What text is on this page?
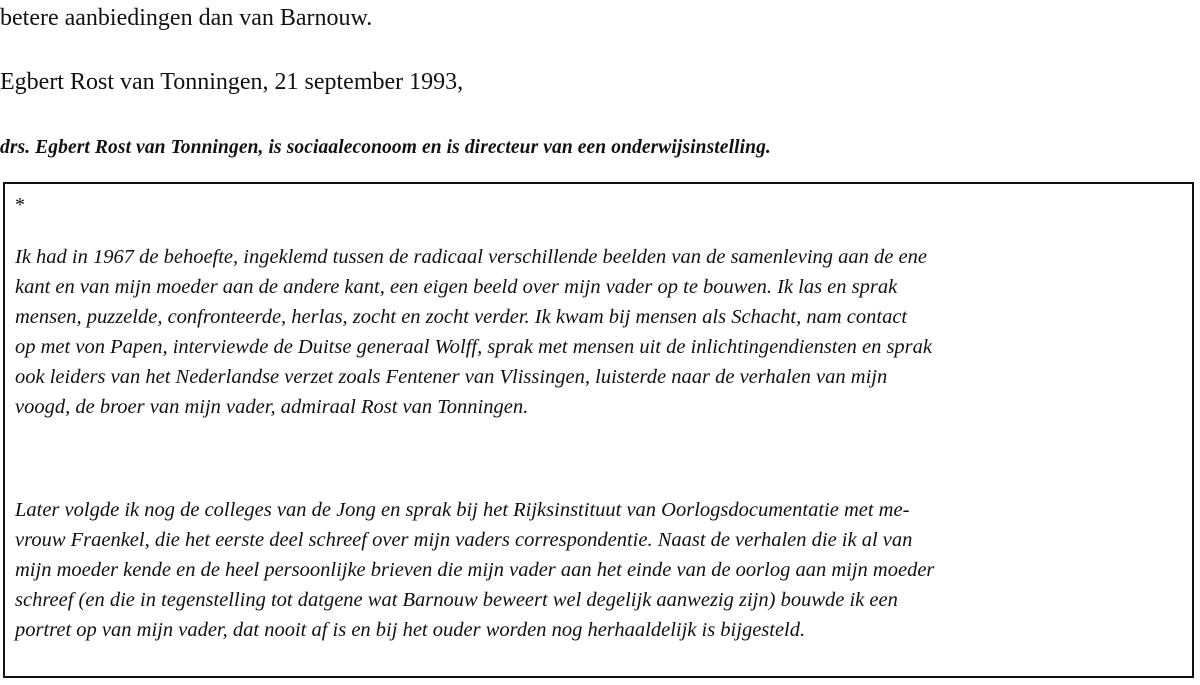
betere aanbiedingen dan van Barnouw.
Egbert Rost van Tonningen, 21 september 1993,
drs. Egbert Rost van Tonningen, is sociaaleconoom en is directeur van een onderwijsinstelling.
*
Ik had in 1967 de behoefte, ingeklemd tussen de radicaal verschillende beelden van de samenleving aan de ene
kant en van mijn moeder aan de andere kant, een eigen beeld over mijn vader op te bouwen. Ik las en sprak
mensen, puzzelde, confronteerde, herlas, zocht en zocht verder. Ik kwam bij mensen als Schacht, nam contact
op met von Papen, interviewde de Duitse generaal Wolff, sprak met mensen uit de inlichtingendiensten en sprak
ook leiders van het Nederlandse verzet zoals Fentener van Vlissingen, luisterde naar de verhalen van mijn
voogd, de broer van mijn vader, admiraal Rost van Tonningen.
Later volgde ik nog de colleges van de Jong en sprak bij het Rijksinstituut van Oorlogsdocumentatie met me-
vrouw Fraenkel, die het eerste deel schreef over mijn vaders correspondentie. Naast de verhalen die ik al van
mijn moeder kende en de heel persoonlijke brieven die mijn vader aan het einde van de oorlog aan mijn moeder
schreef (en die in tegenstelling tot datgene wat Barnouw beweert wel degelijk aanwezig zijn) bouwde ik een
portret op van mijn vader, dat nooit af is en bij het ouder worden nog herhaaldelijk is bijgesteld.
